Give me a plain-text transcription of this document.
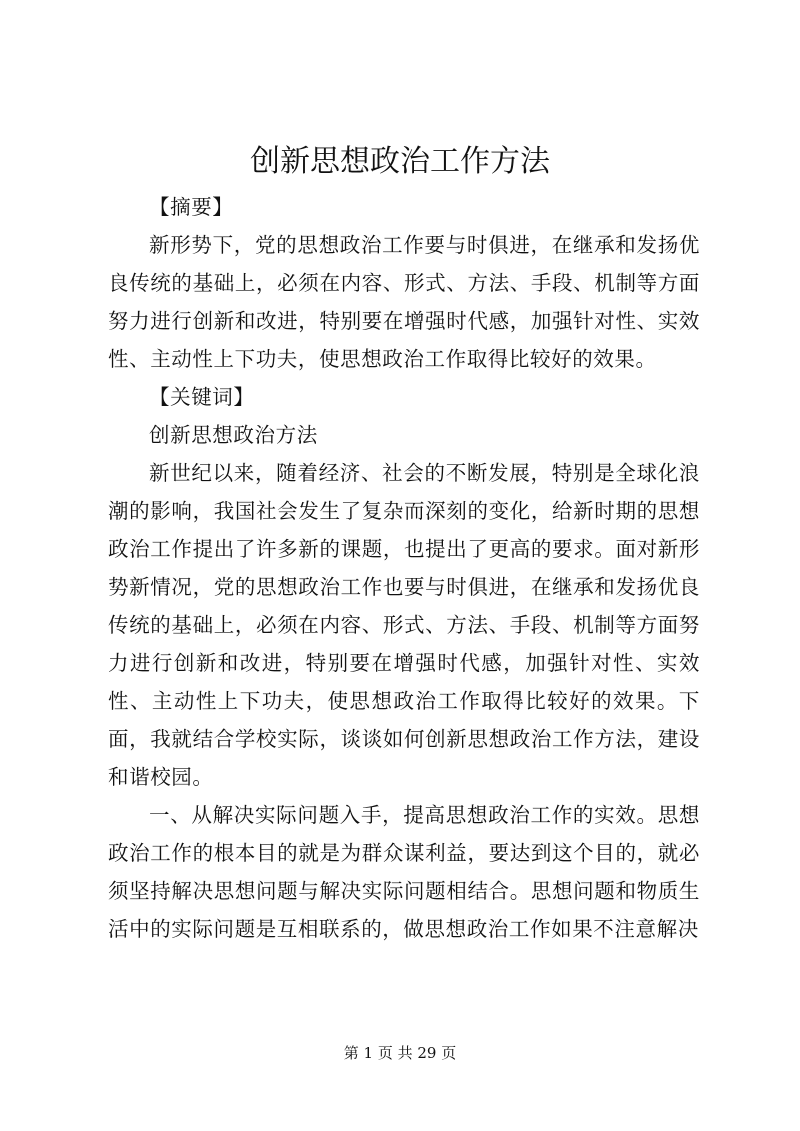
创新思想政治工作方法

【摘要】

新形势下，党的思想政治工作要与时俱进，在继承和发扬优良传统的基础上，必须在内容、形式、方法、手段、机制等方面努力进行创新和改进，特别要在增强时代感，加强针对性、实效性、主动性上下功夫，使思想政治工作取得比较好的效果。

【关键词】

创新思想政治方法

新世纪以来，随着经济、社会的不断发展，特别是全球化浪潮的影响，我国社会发生了复杂而深刻的变化，给新时期的思想政治工作提出了许多新的课题，也提出了更高的要求。面对新形势新情况，党的思想政治工作也要与时俱进，在继承和发扬优良传统的基础上，必须在内容、形式、方法、手段、机制等方面努力进行创新和改进，特别要在增强时代感，加强针对性、实效性、主动性上下功夫，使思想政治工作取得比较好的效果。下面，我就结合学校实际，谈谈如何创新思想政治工作方法，建设和谐校园。

一、从解决实际问题入手，提高思想政治工作的实效。思想政治工作的根本目的就是为群众谋利益，要达到这个目的，就必须坚持解决思想问题与解决实际问题相结合。思想问题和物质生活中的实际问题是互相联系的，做思想政治工作如果不注意解决

第 1 页 共 29 页
